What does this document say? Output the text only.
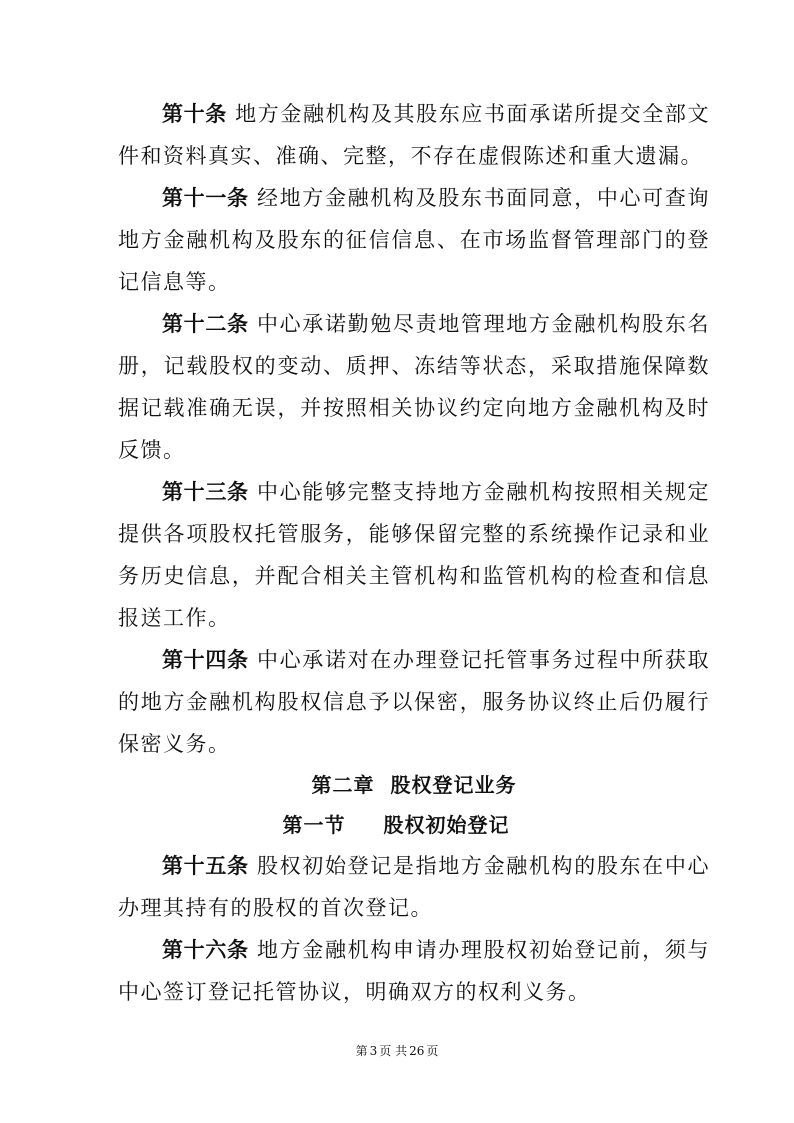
第十条 地方金融机构及其股东应书面承诺所提交全部文件和资料真实、准确、完整，不存在虚假陈述和重大遗漏。

第十一条 经地方金融机构及股东书面同意，中心可查询地方金融机构及股东的征信信息、在市场监督管理部门的登记信息等。

第十二条 中心承诺勤勉尽责地管理地方金融机构股东名册，记载股权的变动、质押、冻结等状态，采取措施保障数据记载准确无误，并按照相关协议约定向地方金融机构及时反馈。

第十三条 中心能够完整支持地方金融机构按照相关规定提供各项股权托管服务，能够保留完整的系统操作记录和业务历史信息，并配合相关主管机构和监管机构的检查和信息报送工作。

第十四条 中心承诺对在办理登记托管事务过程中所获取的地方金融机构股权信息予以保密，服务协议终止后仍履行保密义务。

第二章 股权登记业务
第一节 股权初始登记

第十五条 股权初始登记是指地方金融机构的股东在中心办理其持有的股权的首次登记。

第十六条 地方金融机构申请办理股权初始登记前，须与中心签订登记托管协议，明确双方的权利义务。

第 3 页 共 26 页
